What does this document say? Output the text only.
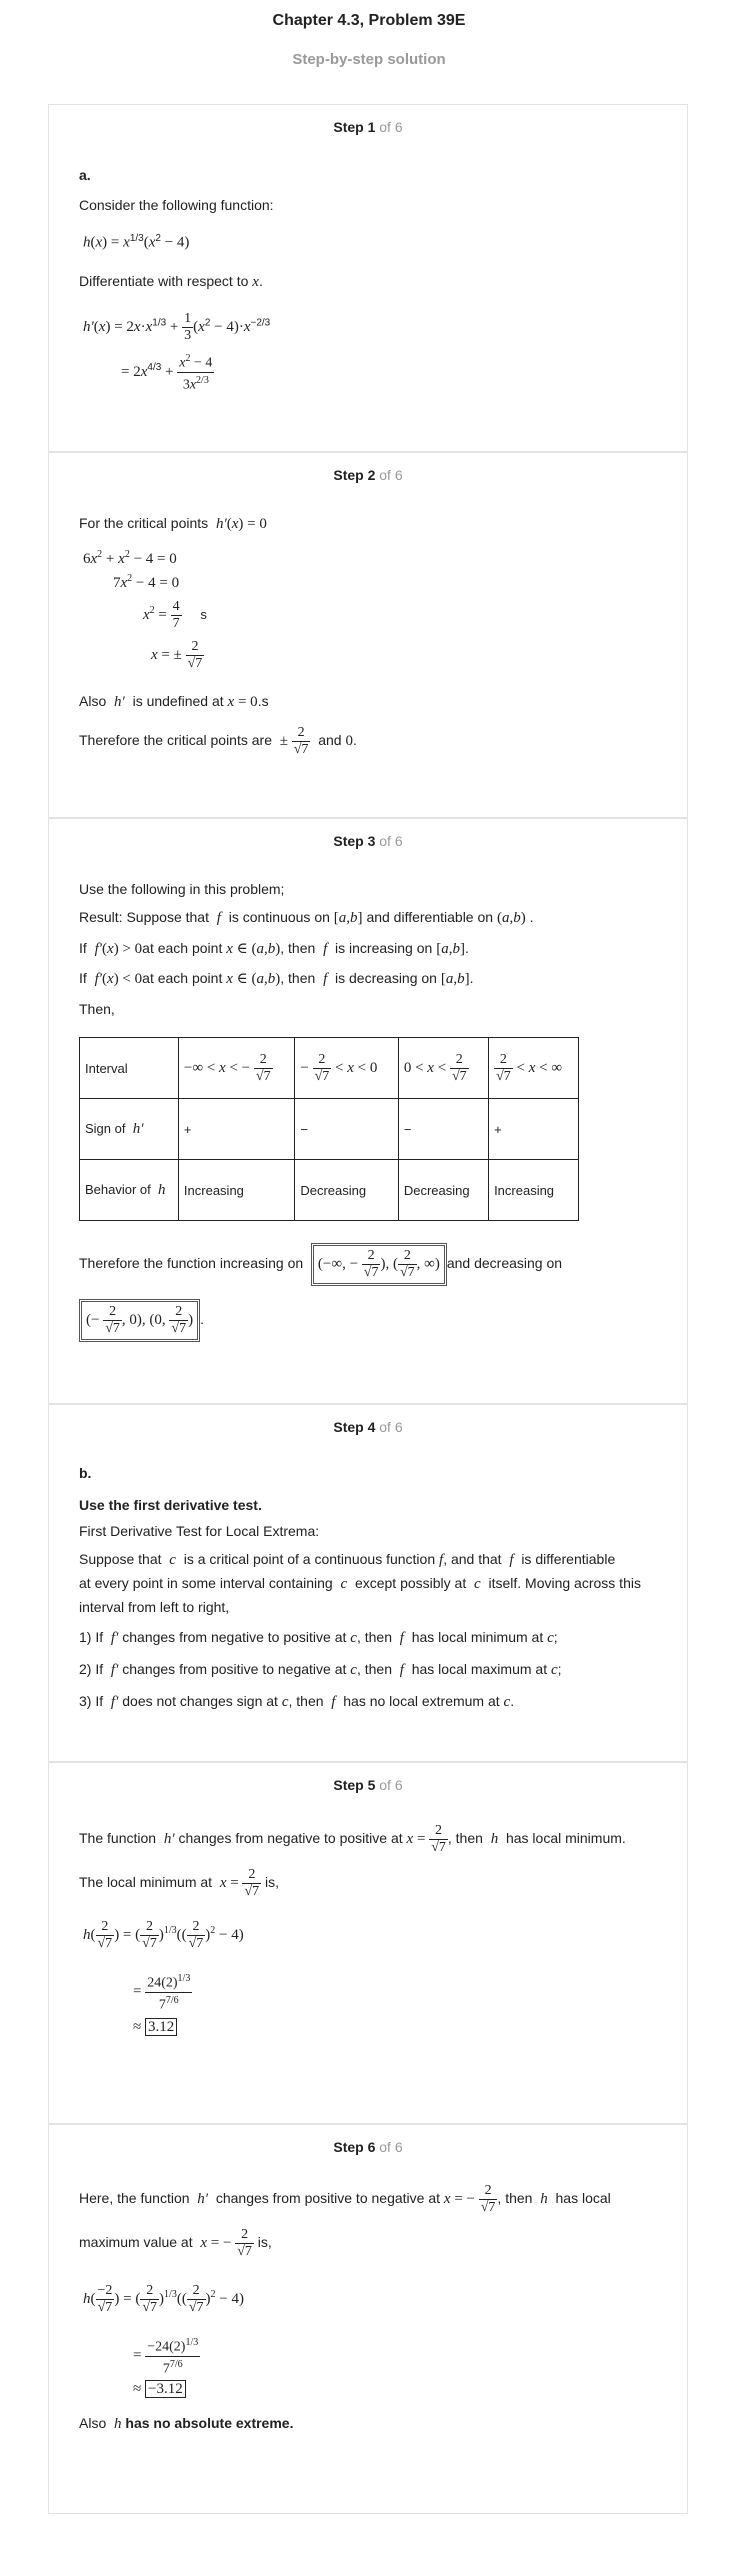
Chapter 4.3, Problem 39E
Step-by-step solution
Step 1 of 6
a.
Consider the following function:
$h(x) = x^{1/3}(x^2 - 4)$
Differentiate with respect to x.
$h'(x) = 2x\cdot x^{1/3} + \frac{1}{3} (x^2 - 4)\cdot x^{-2/3}$
= $2x^{4/3} + \frac{x^2 - 4}{3x^{2/3}}$
Step 2 of 6
For the critical points h′(x) = 0
$6x^2 + x^2 - 4 = 0$
$7x^2 - 4 = 0$
$x^2 = \frac{4}{7}$ s
x = ± $\frac{2}{√7}$
Also h′ is undefined at x = 0.s
Therefore the critical points are ± $\frac{2}{√7}$ and 0.
Step 3 of 6
Use the following in this problem;
Result: Suppose that f is continuous on [a,b] and differentiable on (a,b) .
If f′(x) > 0at each point x ∈ (a,b), then f is increasing on [a,b].
If f′(x) < 0at each point x ∈ (a,b), then f is decreasing on [a,b].
Then,
Interval	−∞ < x < − $\frac{2}{√7}$	− $\frac{2}{√7} < x < 0$	$0 < x < \frac{2}{√7}$	$\frac{2}{√7} < x$ < ∞
Sign of h′	+	−	−	+
Behavior of h	Increasing	Decreasing	Decreasing	Increasing
Therefore the function increasing on (−∞, − $\frac{2}{√7}$ ), ( $\frac{2}{√7}$ , ∞) and decreasing on
(− $\frac{2}{√7}$ , 0), (0, $\frac{2}{√7}$ ) .
Step 4 of 6
b.
Use the first derivative test.
First Derivative Test for Local Extrema:
Suppose that c is a critical point of a continuous function f, and that f is differentiable
at every point in some interval containing c except possibly at c itself. Moving across this
interval from left to right,
1) If f′ changes from negative to positive at c, then f has local minimum at c;
2) If f′ changes from positive to negative at c, then f has local maximum at c;
3) If f′ does not changes sign at c, then f has no local extremum at c.
Step 5 of 6
The function h′ changes from negative to positive at $x = \frac{2}{√7}$ , then h has local minimum.
The local minimum at $x = \frac{2}{√7}$ is,
$h( \frac{2}{√7}$ ) = ( $\frac{2}{√7} )^{1/3}(( \frac{2}{√7} )^2 - 4)$
= $\frac{24(2)^{1/3}}{7^{7/6}}$
≈ 3.12
Step 6 of 6
Here, the function h′ changes from positive to negative at x = − $\frac{2}{√7}$ , then h has local
maximum value at x = − $\frac{2}{√7}$ is,
$h( \frac{-2}{√7}$ ) = ( $\frac{2}{√7} )^{1/3}(( \frac{2}{√7} )^2 - 4)$
= $\frac{-24(2)^{1/3}}{7^{7/6}}$
≈ −3.12
Also h has no absolute extreme.
